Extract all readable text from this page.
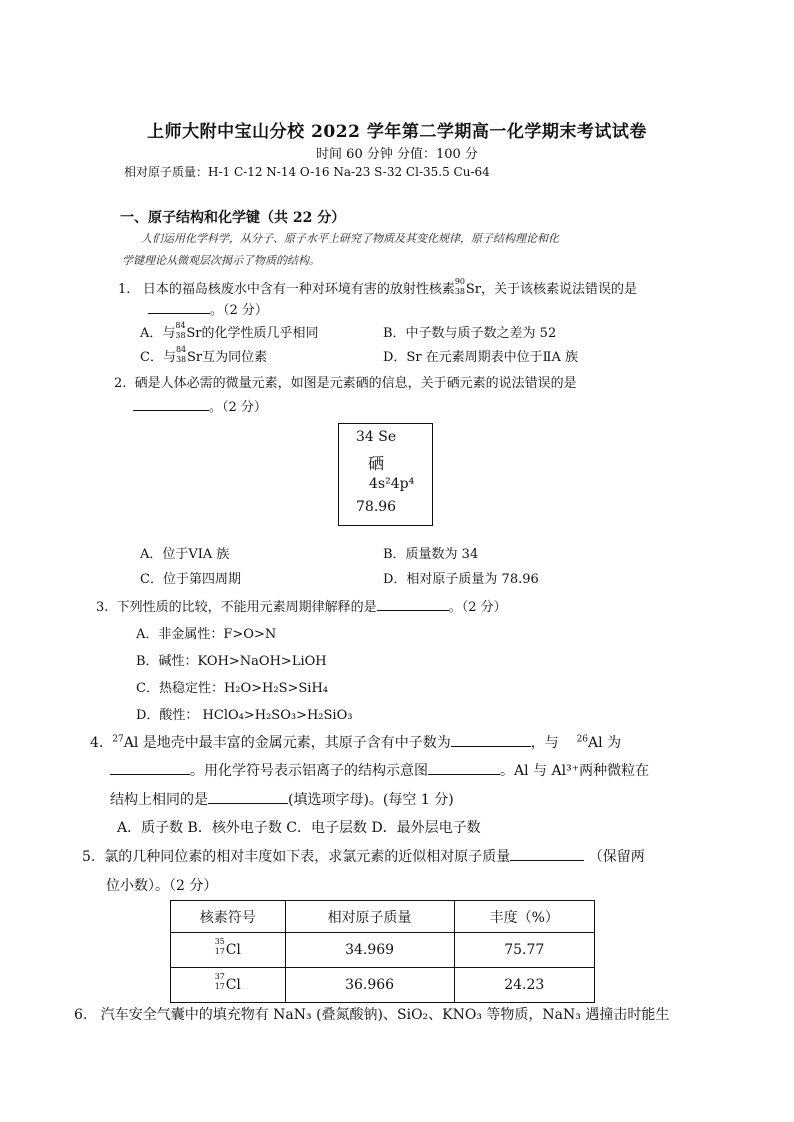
上师大附中宝山分校 2022 学年第二学期高一化学期末考试试卷
时间 60 分钟 分值：100 分
相对原子质量：H-1 C-12 N-14 O-16 Na-23 S-32 Cl-35.5 Cu-64
一、原子结构和化学键（共 22 分）
人们运用化学科学，从分子、原子水平上研究了物质及其变化规律，原子结构理论和化
学键理论从微观层次揭示了物质的结构。
1. 日本的福岛核废水中含有一种对环境有害的放射性核素
90
38 Sr，关于该核素说法错误的是
。（2 分）
A．与
84
38 Sr的化学性质几乎相同	B．中子数与质子数之差为 52
C．与
84
38 Sr互为同位素	D．Sr 在元素周期表中位于ⅡA 族
2. 硒是人体必需的微量元素，如图是元素硒的信息，关于硒元素的说法错误的是
。（2 分）
34 Se
硒
4s²4p⁴
78.96
A．位于VIA 族	B．质量数为 34
C．位于第四周期	D．相对原子质量为 78.96
3. 下列性质的比较，不能用元素周期律解释的是	。（2 分）
A．非金属性：F>O>N
B．碱性：KOH>NaOH>LiOH
C．热稳定性：H₂O>H₂S>SiH₄
D．酸性： HClO₄>H₂SO₃>H₂SiO₃
4. $^{27}$Al 是地壳中最丰富的金属元素，其原子含有中子数为	，与 $^{26}$Al 为
。用化学符号表示铝离子的结构示意图	。Al 与 Al³⁺两种微粒在
结构上相同的是	(填选项字母)。(每空 1 分)
A．质子数 B．核外电子数 C．电子层数 D．最外层电子数
5. 氯的几种同位素的相对丰度如下表，求氯元素的近似相对原子质量	（保留两
位小数）。（2 分）
核素符号	相对原子质量	丰度（%）

35
17 Cl	34.969	75.77

37
17 Cl	36.966	24.23
6. 汽车安全气囊中的填充物有 NaN₃ (叠氮酸钠)、SiO₂、KNO₃ 等物质，NaN₃ 遇撞击时能生
